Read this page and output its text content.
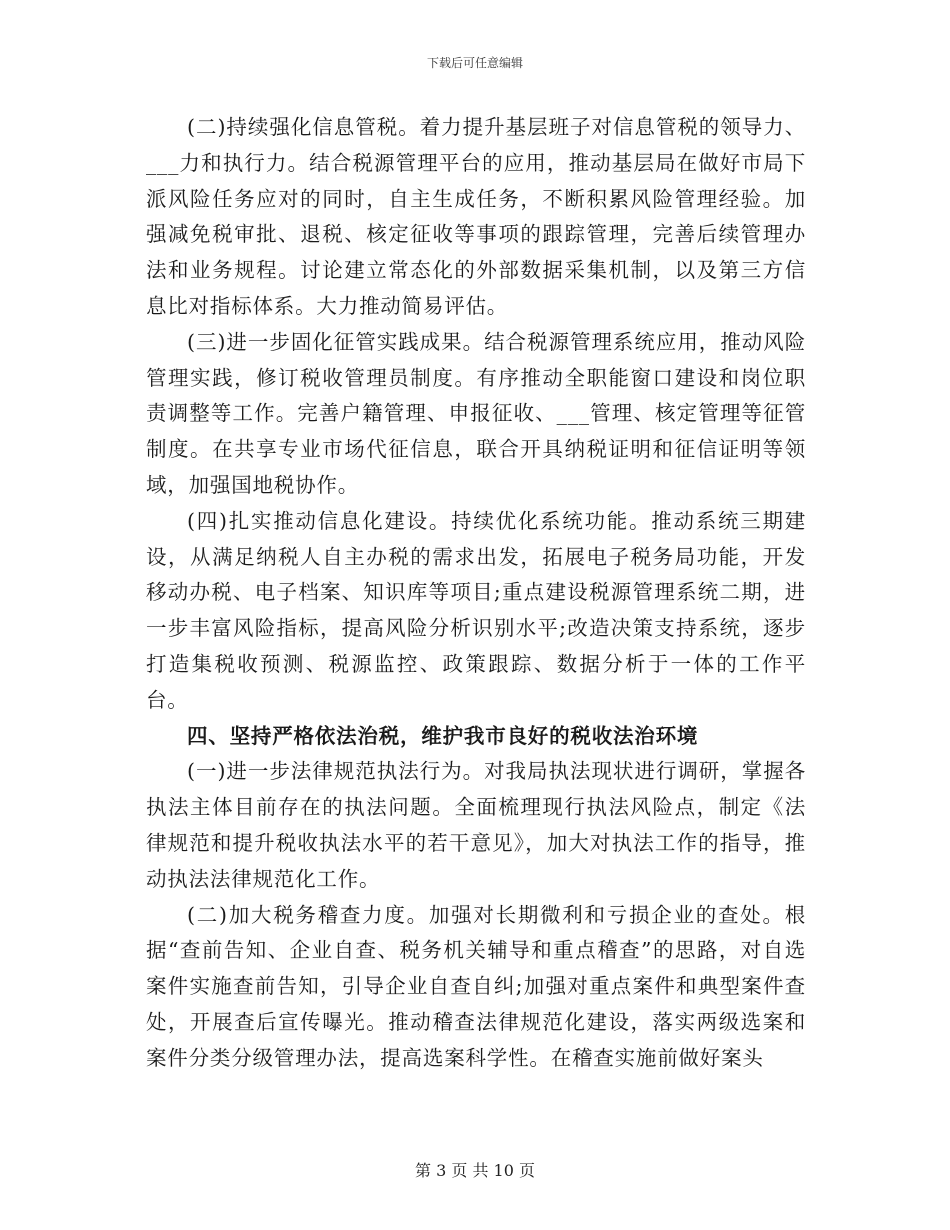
下载后可任意编辑

(二)持续强化信息管税。着力提升基层班子对信息管税的领导力、___力和执行力。结合税源管理平台的应用，推动基层局在做好市局下派风险任务应对的同时，自主生成任务，不断积累风险管理经验。加强减免税审批、退税、核定征收等事项的跟踪管理，完善后续管理办法和业务规程。讨论建立常态化的外部数据采集机制，以及第三方信息比对指标体系。大力推动简易评估。

(三)进一步固化征管实践成果。结合税源管理系统应用，推动风险管理实践，修订税收管理员制度。有序推动全职能窗口建设和岗位职责调整等工作。完善户籍管理、申报征收、___管理、核定管理等征管制度。在共享专业市场代征信息，联合开具纳税证明和征信证明等领域，加强国地税协作。

(四)扎实推动信息化建设。持续优化系统功能。推动系统三期建设，从满足纳税人自主办税的需求出发，拓展电子税务局功能，开发移动办税、电子档案、知识库等项目;重点建设税源管理系统二期，进一步丰富风险指标，提高风险分析识别水平;改造决策支持系统，逐步打造集税收预测、税源监控、政策跟踪、数据分析于一体的工作平台。

四、坚持严格依法治税，维护我市良好的税收法治环境

(一)进一步法律规范执法行为。对我局执法现状进行调研，掌握各执法主体目前存在的执法问题。全面梳理现行执法风险点，制定《法律规范和提升税收执法水平的若干意见》，加大对执法工作的指导，推动执法法律规范化工作。

(二)加大税务稽查力度。加强对长期微利和亏损企业的查处。根据“查前告知、企业自查、税务机关辅导和重点稽查”的思路，对自选案件实施查前告知，引导企业自查自纠;加强对重点案件和典型案件查处，开展查后宣传曝光。推动稽查法律规范化建设，落实两级选案和案件分类分级管理办法，提高选案科学性。在稽查实施前做好案头

第 3 页 共 10 页
